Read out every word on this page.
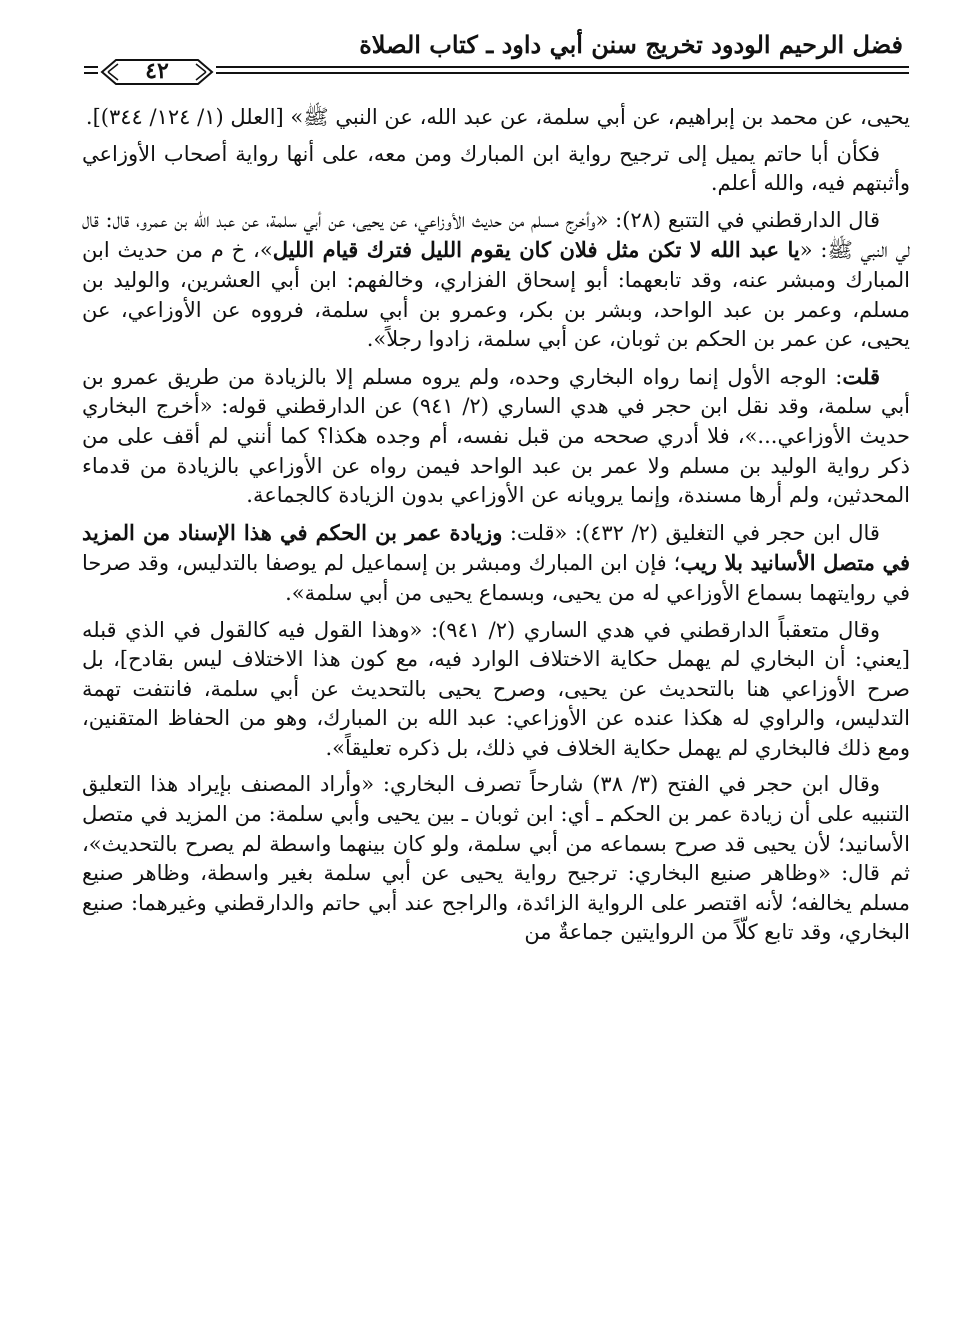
فضل الرحيم الودود تخريج سنن أبي داود ـ كتاب الصلاة
٤٢

يحيى، عن محمد بن إبراهيم، عن أبي سلمة، عن عبد الله، عن النبي ﷺ» [العلل (١/ ١٢٤/ ٣٤٤)].

فكأن أبا حاتم يميل إلى ترجيح رواية ابن المبارك ومن معه، على أنها رواية أصحاب الأوزاعي وأثبتهم فيه، والله أعلم.

قال الدارقطني في التتبع (٢٨): «وأخرج مسلم من حديث الأوزاعي، عن يحيى، عن أبي سلمة، عن عبد الله بن عمرو، قال: قال لي النبي ﷺ: «يا عبد الله لا تكن مثل فلان كان يقوم الليل فترك قيام الليل»، خ م من حديث ابن المبارك ومبشر عنه، وقد تابعهما: أبو إسحاق الفزاري، وخالفهم: ابن أبي العشرين، والوليد بن مسلم، وعمر بن عبد الواحد، وبشر بن بكر، وعمرو بن أبي سلمة، فرووه عن الأوزاعي، عن يحيى، عن عمر بن الحكم بن ثوبان، عن أبي سلمة، زادوا رجلاً».

قلت: الوجه الأول إنما رواه البخاري وحده، ولم يروه مسلم إلا بالزيادة من طريق عمرو بن أبي سلمة، وقد نقل ابن حجر في هدي الساري (٢/ ٩٤١) عن الدارقطني قوله: «أخرج البخاري حديث الأوزاعي...»، فلا أدري صححه من قبل نفسه، أم وجده هكذا؟ كما أنني لم أقف على من ذكر رواية الوليد بن مسلم ولا عمر بن عبد الواحد فيمن رواه عن الأوزاعي بالزيادة من قدماء المحدثين، ولم أرها مسندة، وإنما يرويانه عن الأوزاعي بدون الزيادة كالجماعة.

قال ابن حجر في التغليق (٢/ ٤٣٢): «قلت: وزيادة عمر بن الحكم في هذا الإسناد من المزيد في متصل الأسانيد بلا ريب؛ فإن ابن المبارك ومبشر بن إسماعيل لم يوصفا بالتدليس، وقد صرحا في روايتهما بسماع الأوزاعي له من يحيى، وبسماع يحيى من أبي سلمة».

وقال متعقباً الدارقطني في هدي الساري (٢/ ٩٤١): «وهذا القول فيه كالقول في الذي قبله [يعني: أن البخاري لم يهمل حكاية الاختلاف الوارد فيه، مع كون هذا الاختلاف ليس بقادح]، بل صرح الأوزاعي هنا بالتحديث عن يحيى، وصرح يحيى بالتحديث عن أبي سلمة، فانتفت تهمة التدليس، والراوي له هكذا عنده عن الأوزاعي: عبد الله بن المبارك، وهو من الحفاظ المتقنين، ومع ذلك فالبخاري لم يهمل حكاية الخلاف في ذلك، بل ذكره تعليقاً».

وقال ابن حجر في الفتح (٣/ ٣٨) شارحاً تصرف البخاري: «وأراد المصنف بإيراد هذا التعليق التنبيه على أن زيادة عمر بن الحكم ـ أي: ابن ثوبان ـ بين يحيى وأبي سلمة: من المزيد في متصل الأسانيد؛ لأن يحيى قد صرح بسماعه من أبي سلمة، ولو كان بينهما واسطة لم يصرح بالتحديث»، ثم قال: «وظاهر صنيع البخاري: ترجيح رواية يحيى عن أبي سلمة بغير واسطة، وظاهر صنيع مسلم يخالفه؛ لأنه اقتصر على الرواية الزائدة، والراجح عند أبي حاتم والدارقطني وغيرهما: صنيع البخاري، وقد تابع كلّاً من الروايتين جماعةٌ من
